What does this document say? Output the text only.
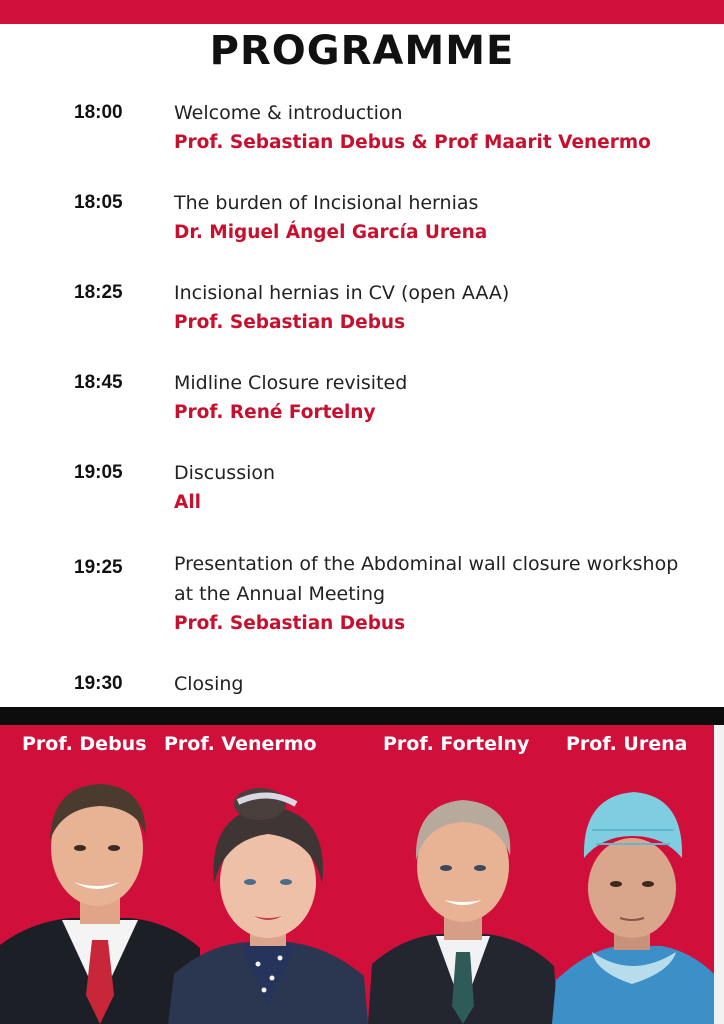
PROGRAMME
18:00	Welcome & introduction
Prof. Sebastian Debus & Prof Maarit Venermo
18:05	The burden of Incisional hernias
Dr. Miguel Ángel García Urena
18:25	Incisional hernias in CV (open AAA)
Prof. Sebastian Debus
18:45	Midline Closure revisited
Prof. René Fortelny
19:05	Discussion
All
19:25	Presentation of the Abdominal wall closure workshop
at the Annual Meeting
Prof. Sebastian Debus
19:30	Closing
Prof. Debus Prof. Venermo	Prof. Fortelny Prof. Urena
